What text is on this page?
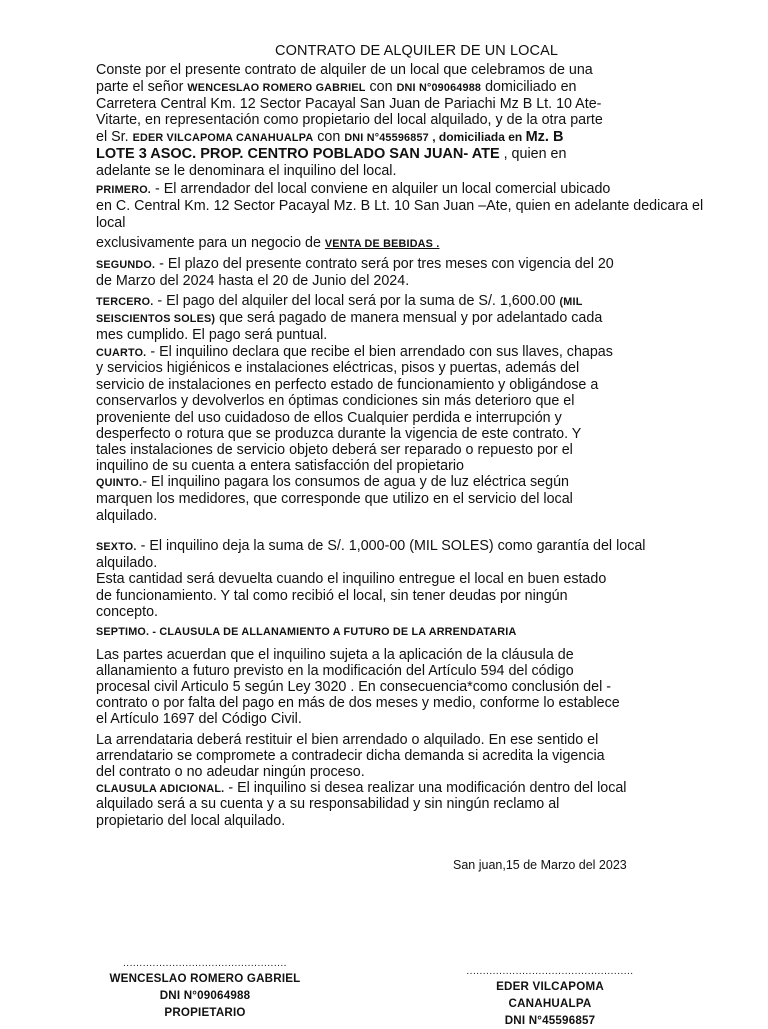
CONTRATO DE ALQUILER DE UN LOCAL
Conste por el presente contrato de alquiler de un local que celebramos de una
parte el señor WENCESLAO ROMERO GABRIEL con DNI N°09064988 domiciliado en
Carretera Central Km. 12 Sector Pacayal San Juan de Pariachi Mz B Lt. 10 Ate-
Vitarte, en representación como propietario del local alquilado, y de la otra parte
el Sr. EDER VILCAPOMA CANAHUALPA con DNI N°45596857 , domiciliada en Mz. B
LOTE 3 ASOC. PROP. CENTRO POBLADO SAN JUAN- ATE , quien en
adelante se le denominara el inquilino del local.
PRIMERO. - El arrendador del local conviene en alquiler un local comercial ubicado
en C. Central Km. 12 Sector Pacayal Mz. B Lt. 10 San Juan –Ate, quien en adelante dedicara el
local
exclusivamente para un negocio de VENTA DE BEBIDAS .
SEGUNDO. - El plazo del presente contrato será por tres meses con vigencia del 20
de Marzo del 2024 hasta el 20 de Junio del 2024.
TERCERO. - El pago del alquiler del local será por la suma de S/. 1,600.00 (MIL
SEISCIENTOS SOLES) que será pagado de manera mensual y por adelantado cada
mes cumplido. El pago será puntual.
CUARTO. - El inquilino declara que recibe el bien arrendado con sus llaves, chapas
y servicios higiénicos e instalaciones eléctricas, pisos y puertas, además del
servicio de instalaciones en perfecto estado de funcionamiento y obligándose a
conservarlos y devolverlos en óptimas condiciones sin más deterioro que el
proveniente del uso cuidadoso de ellos Cualquier perdida e interrupción y
desperfecto o rotura que se produzca durante la vigencia de este contrato. Y
tales instalaciones de servicio objeto deberá ser reparado o repuesto por el
inquilino de su cuenta a entera satisfacción del propietario
QUINTO.- El inquilino pagara los consumos de agua y de luz eléctrica según
marquen los medidores, que corresponde que utilizo en el servicio del local
alquilado.
SEXTO. - El inquilino deja la suma de S/. 1,000-00 (MIL SOLES) como garantía del local
alquilado.
Esta cantidad será devuelta cuando el inquilino entregue el local en buen estado
de funcionamiento. Y tal como recibió el local, sin tener deudas por ningún
concepto.
SEPTIMO. - CLAUSULA DE ALLANAMIENTO A FUTURO DE LA ARRENDATARIA
Las partes acuerdan que el inquilino sujeta a la aplicación de la cláusula de
allanamiento a futuro previsto en la modificación del Artículo 594 del código
procesal civil Articulo 5 según Ley 3020 . En consecuencia*como conclusión del -
contrato o por falta del pago en más de dos meses y medio, conforme lo establece
el Artículo 1697 del Código Civil.
La arrendataria deberá restituir el bien arrendado o alquilado. En ese sentido el
arrendatario se compromete a contradecir dicha demanda si acredita la vigencia
del contrato o no adeudar ningún proceso.
CLAUSULA ADICIONAL. - El inquilino si desea realizar una modificación dentro del local
alquilado será a su cuenta y a su responsabilidad y sin ningún reclamo al
propietario del local alquilado.
San juan,15 de Marzo del 2023
..................................................
WENCESLAO ROMERO GABRIEL
DNI N°09064988
PROPIETARIO
...................................................
EDER VILCAPOMA
CANAHUALPA
DNI N°45596857
